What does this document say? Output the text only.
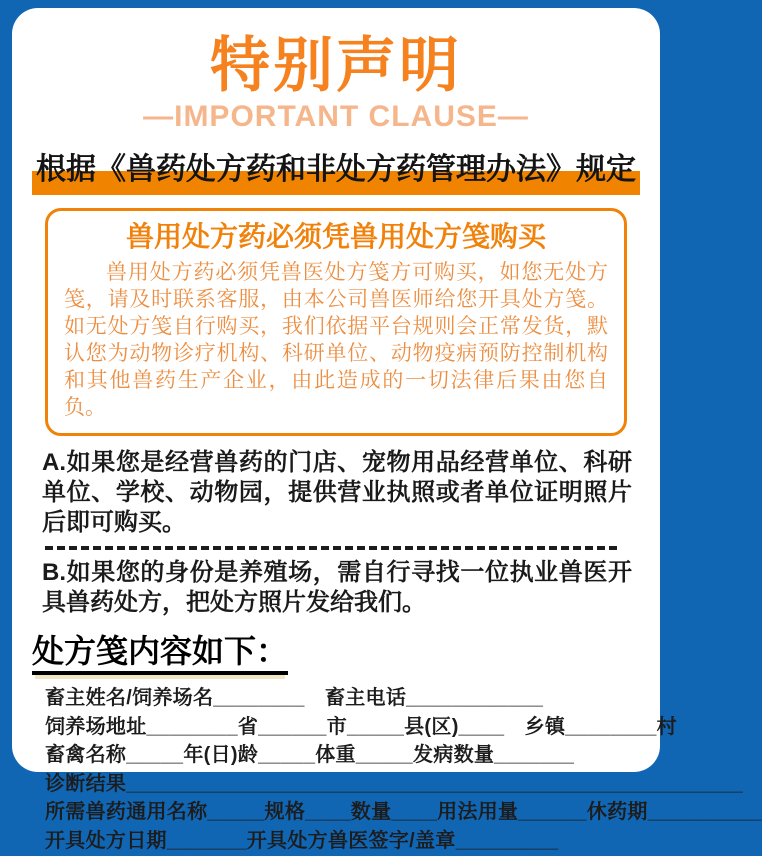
特别声明
—IMPORTANT CLAUSE—
根据《兽药处方药和非处方药管理办法》规定
兽用处方药必须凭兽用处方笺购买

兽用处方药必须凭兽医处方笺方可购买，如您无处方笺，请及时联系客服，由本公司兽医师给您开具处方笺。如无处方笺自行购买，我们依据平台规则会正常发货，默认您为动物诊疗机构、科研单位、动物疫病预防控制机构和其他兽药生产企业，由此造成的一切法律后果由您自负。

A.如果您是经营兽药的门店、宠物用品经营单位、科研单位、学校、动物园，提供营业执照或者单位证明照片后即可购买。

B.如果您的身份是养殖场，需自行寻找一位执业兽医开具兽药处方，把处方照片发给我们。

处方笺内容如下：
畜主姓名/饲养场名________　畜主电话____________
饲养场地址________省______市_____县(区)____　乡镇________村
畜禽名称_____年(日)龄_____体重_____发病数量_______
诊断结果______________________________________________________
所需兽药通用名称_____规格____数量____用法用量______休药期__________
开具处方日期_______开具处方兽医签字/盖章_________
